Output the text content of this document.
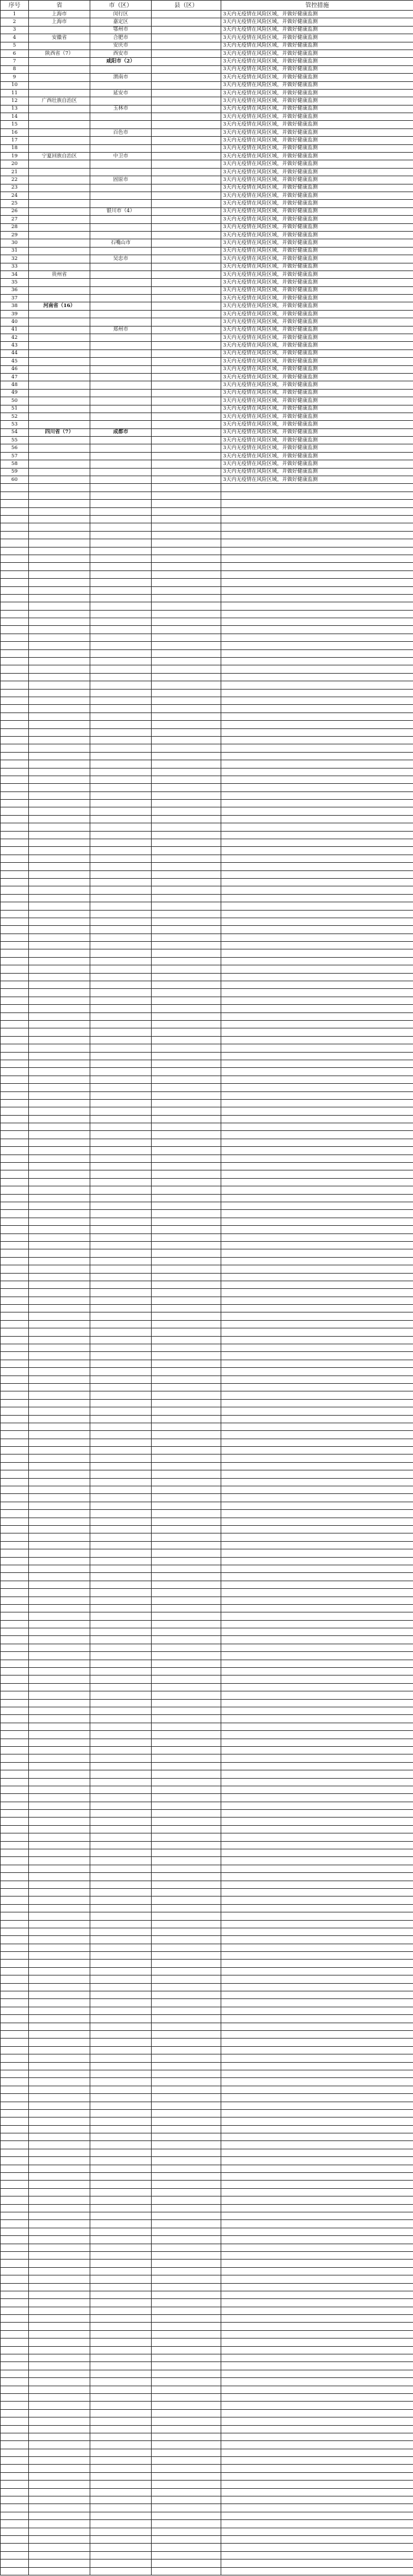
序号	省	市（区）	县（区）	管控措施
1	上海市	闵行区		3天内无疫情在风险区域，并做好健康监测
2	上海市	嘉定区		3天内无疫情在风险区域，并做好健康监测
3		鄂州市		3天内无疫情在风险区域，并做好健康监测
4	安徽省	合肥市		3天内无疫情在风险区域，并做好健康监测
5		安庆市		3天内无疫情在风险区域，并做好健康监测
6	陕西省（7）	西安市		3天内无疫情在风险区域，并做好健康监测
7		咸阳市（2）		3天内无疫情在风险区域，并做好健康监测
8				3天内无疫情在风险区域，并做好健康监测
9		渭南市		3天内无疫情在风险区域，并做好健康监测
10				3天内无疫情在风险区域，并做好健康监测
11		延安市		3天内无疫情在风险区域，并做好健康监测
12	广西壮族自治区			3天内无疫情在风险区域，并做好健康监测
13		玉林市		3天内无疫情在风险区域，并做好健康监测
14				3天内无疫情在风险区域，并做好健康监测
15				3天内无疫情在风险区域，并做好健康监测
16		百色市		3天内无疫情在风险区域，并做好健康监测
17				3天内无疫情在风险区域，并做好健康监测
18				3天内无疫情在风险区域，并做好健康监测
19	宁夏回族自治区	中卫市		3天内无疫情在风险区域，并做好健康监测
20				3天内无疫情在风险区域，并做好健康监测
21				3天内无疫情在风险区域，并做好健康监测
22		固原市		3天内无疫情在风险区域，并做好健康监测
23				3天内无疫情在风险区域，并做好健康监测
24				3天内无疫情在风险区域，并做好健康监测
25				3天内无疫情在风险区域，并做好健康监测
26		银川市（4）		3天内无疫情在风险区域，并做好健康监测
27				3天内无疫情在风险区域，并做好健康监测
28				3天内无疫情在风险区域，并做好健康监测
29				3天内无疫情在风险区域，并做好健康监测
30		石嘴山市		3天内无疫情在风险区域，并做好健康监测
31				3天内无疫情在风险区域，并做好健康监测
32		吴忠市		3天内无疫情在风险区域，并做好健康监测
33				3天内无疫情在风险区域，并做好健康监测
34	贵州省			3天内无疫情在风险区域，并做好健康监测
35				3天内无疫情在风险区域，并做好健康监测
36				3天内无疫情在风险区域，并做好健康监测
37				3天内无疫情在风险区域，并做好健康监测
38	河南省（16）			3天内无疫情在风险区域，并做好健康监测
39				3天内无疫情在风险区域，并做好健康监测
40				3天内无疫情在风险区域，并做好健康监测
41		郑州市		3天内无疫情在风险区域，并做好健康监测
42				3天内无疫情在风险区域，并做好健康监测
43				3天内无疫情在风险区域，并做好健康监测
44				3天内无疫情在风险区域，并做好健康监测
45				3天内无疫情在风险区域，并做好健康监测
46				3天内无疫情在风险区域，并做好健康监测
47				3天内无疫情在风险区域，并做好健康监测
48				3天内无疫情在风险区域，并做好健康监测
49				3天内无疫情在风险区域，并做好健康监测
50				3天内无疫情在风险区域，并做好健康监测
51				3天内无疫情在风险区域，并做好健康监测
52				3天内无疫情在风险区域，并做好健康监测
53				3天内无疫情在风险区域，并做好健康监测
54	四川省（7）	成都市		3天内无疫情在风险区域，并做好健康监测
55				3天内无疫情在风险区域，并做好健康监测
56				3天内无疫情在风险区域，并做好健康监测
57				3天内无疫情在风险区域，并做好健康监测
58				3天内无疫情在风险区域，并做好健康监测
59				3天内无疫情在风险区域，并做好健康监测
60				3天内无疫情在风险区域，并做好健康监测
